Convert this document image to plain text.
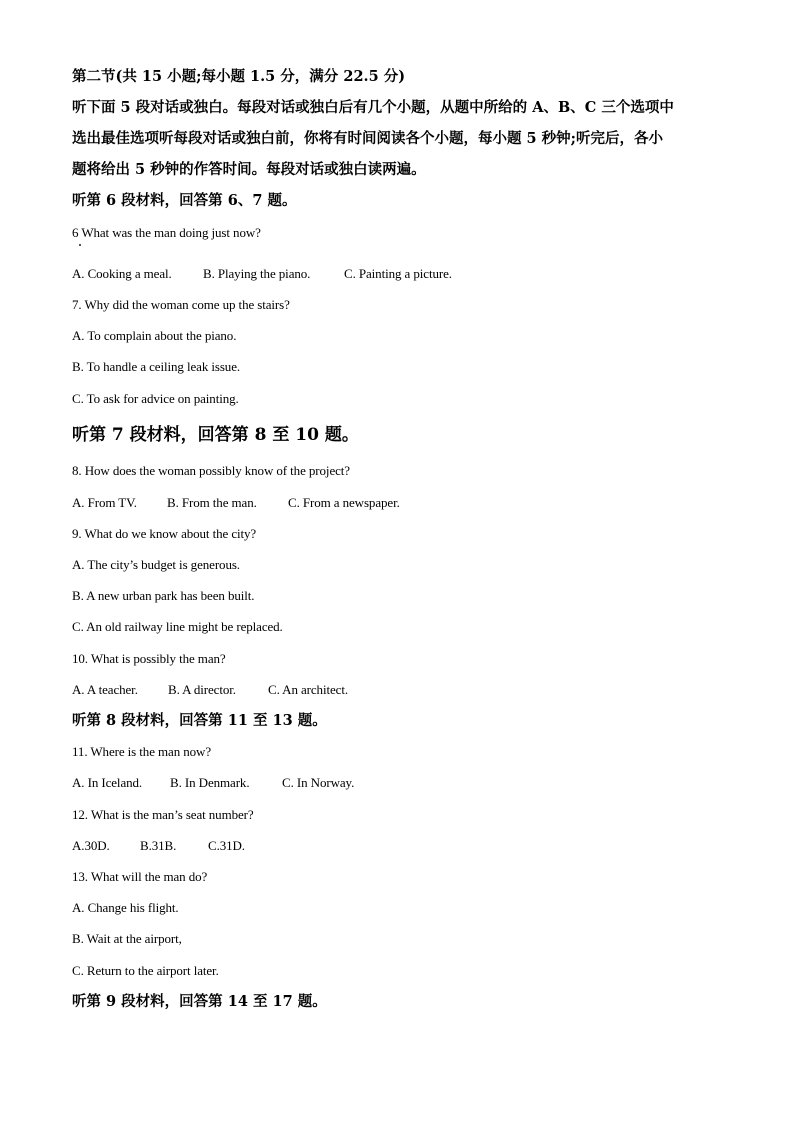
第二节(共 15 小题;每小题 1.5 分，满分 22.5 分)
听下面 5 段对话或独白。每段对话或独白后有几个小题，从题中所给的 A、B、C 三个选项中
选出最佳选项听每段对话或独白前，你将有时间阅读各个小题，每小题 5 秒钟;听完后，各小
题将给出 5 秒钟的作答时间。每段对话或独白读两遍。
听第 6 段材料，回答第 6、7 题。
6 What was the man doing just now?
A. Cooking a meal. B. Playing the piano.	C. Painting a picture.
7. Why did the woman come up the stairs?
A. To complain about the piano.
B. To handle a ceiling leak issue.
C. To ask for advice on painting.
听第 7 段材料，回答第 8 至 10 题。
8. How does the woman possibly know of the project?
A. From TV. B. From the man. C. From a newspaper.
9. What do we know about the city?
A. The city’s budget is generous.
B. A new urban park has been built.
C. An old railway line might be replaced.
10. What is possibly the man?
A. A teacher. B. A director. C. An architect.
听第 8 段材料，回答第 11 至 13 题。
11. Where is the man now?
A. In Iceland. B. In Denmark.	C. In Norway.
12. What is the man’s seat number?
A.30D. B.31B. C.31D.
13. What will the man do?
A. Change his flight.
B. Wait at the airport,
C. Return to the airport later.
听第 9 段材料，回答第 14 至 17 题。
